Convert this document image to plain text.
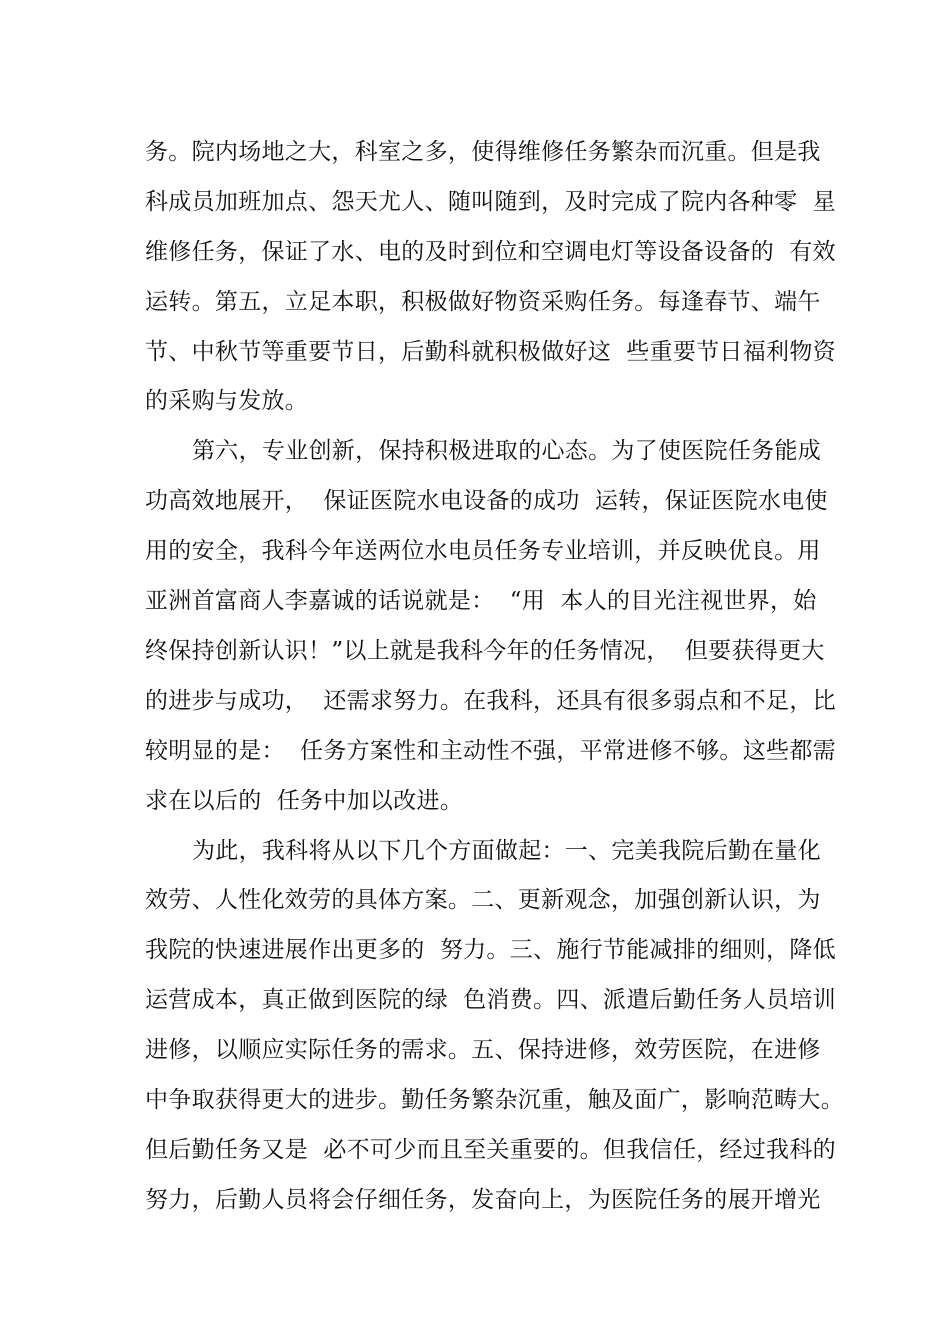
务。院内场地之大，科室之多，使得维修任务繁杂而沉重。但是我

科成员加班加点、怨天尤人、随叫随到，及时完成了院内各种零  星

维修任务，保证了水、电的及时到位和空调电灯等设备设备的  有效

运转。第五，立足本职，积极做好物资采购任务。每逢春节、端午

节、中秋节等重要节日，后勤科就积极做好这  些重要节日福利物资

的采购与发放。

第六，专业创新，保持积极进取的心态。为了使医院任务能成

功高效地展开，  保证医院水电设备的成功  运转，保证医院水电使

用的安全，我科今年送两位水电员任务专业培训，并反映优良。用

亚洲首富商人李嘉诚的话说就是：  “用  本人的目光注视世界，始

终保持创新认识！”以上就是我科今年的任务情况，  但要获得更大

的进步与成功，  还需求努力。在我科，还具有很多弱点和不足，比

较明显的是：  任务方案性和主动性不强，平常进修不够。这些都需

求在以后的  任务中加以改进。

为此，我科将从以下几个方面做起：一、完美我院后勤在量化

效劳、人性化效劳的具体方案。二、更新观念，加强创新认识，为

我院的快速进展作出更多的  努力。三、施行节能减排的细则，降低

运营成本，真正做到医院的绿  色消费。四、派遣后勤任务人员培训

进修，以顺应实际任务的需求。五、保持进修，效劳医院，在进修

中争取获得更大的进步。勤任务繁杂沉重，触及面广，影响范畴大。

但后勤任务又是  必不可少而且至关重要的。但我信任，经过我科的

努力，后勤人员将会仔细任务，发奋向上，为医院任务的展开增光
